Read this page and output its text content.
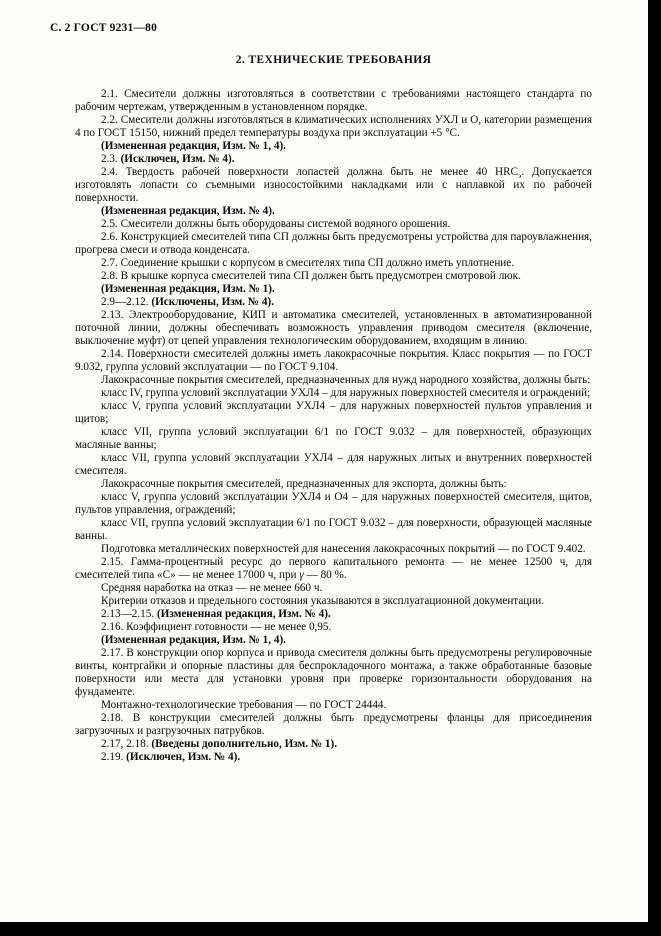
С. 2 ГОСТ 9231—80
2. ТЕХНИЧЕСКИЕ ТРЕБОВАНИЯ

2.1. Смесители должны изготовляться в соответствии с требованиями настоящего стандарта по рабочим чертежам, утвержденным в установленном порядке.

2.2. Смесители должны изготовляться в климатических исполнениях УХЛ и О, категории размещения 4 по ГОСТ 15150, нижний предел температуры воздуха при эксплуатации +5 °С.

(Измененная редакция, Изм. № 1, 4).

2.3. (Исключен, Изм. № 4).

2.4. Твердость рабочей поверхности лопастей должна быть не менее 40 $HRC_э$. Допускается изготовлять лопасти со съемными износостойкими накладками или с наплавкой их по рабочей поверхности.

(Измененная редакция, Изм. № 4).

2.5. Смесители должны быть оборудованы системой водяного орошения.

2.6. Конструкцией смесителей типа СП должны быть предусмотрены устройства для пароувлажнения, прогрева смеси и отвода конденсата.

2.7. Соединение крышки с корпусом в смесителях типа СП должно иметь уплотнение.

2.8. В крышке корпуса смесителей типа СП должен быть предусмотрен смотровой люк.

(Измененная редакция, Изм. № 1).

2.9—2.12. (Исключены, Изм. № 4).

2.13. Электрооборудование, КИП и автоматика смесителей, установленных в автоматизированной поточной линии, должны обеспечивать возможность управления приводом смесителя (включение, выключение муфт) от цепей управления технологическим оборудованием, входящим в линию.

2.14. Поверхности смесителей должны иметь лакокрасочные покрытия. Класс покрытия — по ГОСТ 9.032, группа условий эксплуатации — по ГОСТ 9.104.

Лакокрасочные покрытия смесителей, предназначенных для нужд народного хозяйства, должны быть:

класс IV, группа условий эксплуатации УХЛ4 – для наружных поверхностей смесителя и ограждений;

класс V, группа условий эксплуатации УХЛ4 – для наружных поверхностей пультов управления и щитов;

класс VII, группа условий эксплуатации 6/1 по ГОСТ 9.032 – для поверхностей, образующих масляные ванны;

класс VII, группа условий эксплуатации УХЛ4 – для наружных литых и внутренних поверхностей смесителя.

Лакокрасочные покрытия смесителей, предназначенных для экспорта, должны быть:

класс V, группа условий эксплуатации УХЛ4 и О4 – для наружных поверхностей смесителя, щитов, пультов управления, ограждений;

класс VII, группа условий эксплуатации 6/1 по ГОСТ 9.032 – для поверхности, образующей масляные ванны.

Подготовка металлических поверхностей для нанесения лакокрасочных покрытий — по ГОСТ 9.402.

2.15. Гамма-процентный ресурс до первого капитального ремонта — не менее 12500 ч, для смесителей типа «С» — не менее 17000 ч, при γ — 80 %.

Средняя наработка на отказ — не менее 660 ч.

Критерии отказов и предельного состояния указываются в эксплуатационной документации.

2.13—2.15. (Измененная редакция, Изм. № 4).

2.16. Коэффициент готовности — не менее 0,95.

(Измененная редакция, Изм. № 1, 4).

2.17. В конструкции опор корпуса и привода смесителя должны быть предусмотрены регулировочные винты, контргайки и опорные пластины для беспрокладочного монтажа, а также обработанные базовые поверхности или места для установки уровня при проверке горизонтальности оборудования на фундаменте.

Монтажно-технологические требования — по ГОСТ 24444.

2.18. В конструкции смесителей должны быть предусмотрены фланцы для присоединения загрузочных и разгрузочных патрубков.

2.17, 2.18. (Введены дополнительно, Изм. № 1).

2.19. (Исключен, Изм. № 4).
